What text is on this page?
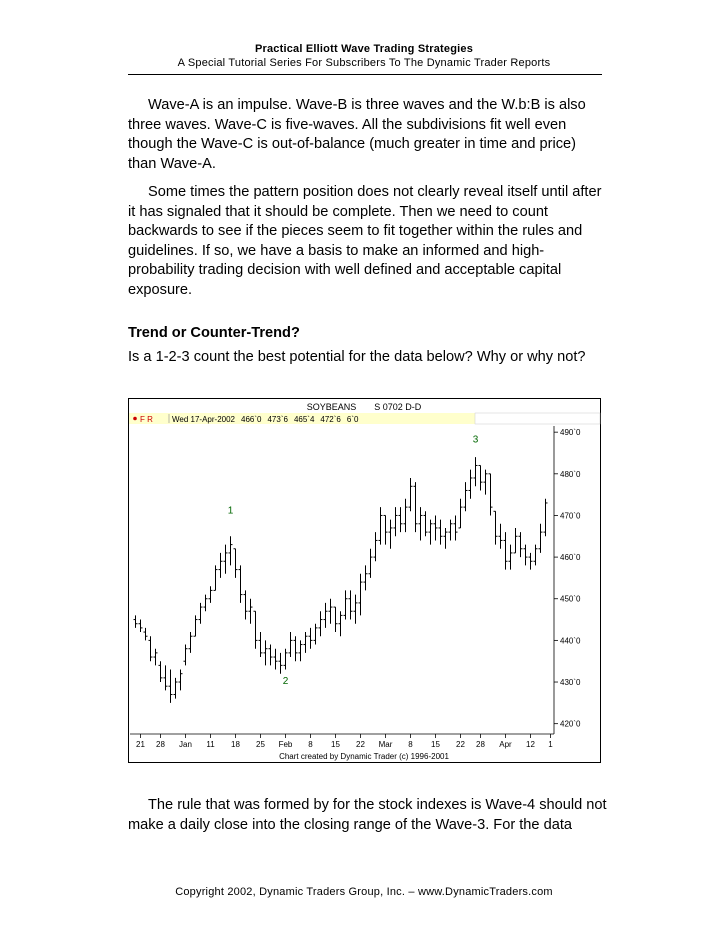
Practical Elliott Wave Trading Strategies
A Special Tutorial Series For Subscribers To The Dynamic Trader Reports

Wave-A is an impulse. Wave-B is three waves and the W.b:B is also three waves. Wave-C is five-waves. All the subdivisions fit well even though the Wave-C is out-of-balance (much greater in time and price) than Wave-A.

Some times the pattern position does not clearly reveal itself until after it has signaled that it should be complete. Then we need to count backwards to see if the pieces seem to fit together within the rules and guidelines. If so, we have a basis to make an informed and high-probability trading decision with well defined and acceptable capital exposure.

Trend or Counter-Trend?
Is a 1-2-3 count the best potential for the data below? Why or why not?
SOYBEANS S 0702 D-D
F R Wed 17-Apr-2002 466`0 473`6 465`4 472`6 6`0
490`0
480`0
470`0
460`0
450`0
440`0
430`0
420`0
21 28 Jan 11 18 25 Feb 8 15 22 Mar 8 15 22 28 Apr 12 1
1
2
3
Chart created by Dynamic Trader (c) 1996-2001

The rule that was formed by for the stock indexes is Wave-4 should not make a daily close into the closing range of the Wave-3. For the data

Copyright 2002, Dynamic Traders Group, Inc. – www.DynamicTraders.com
